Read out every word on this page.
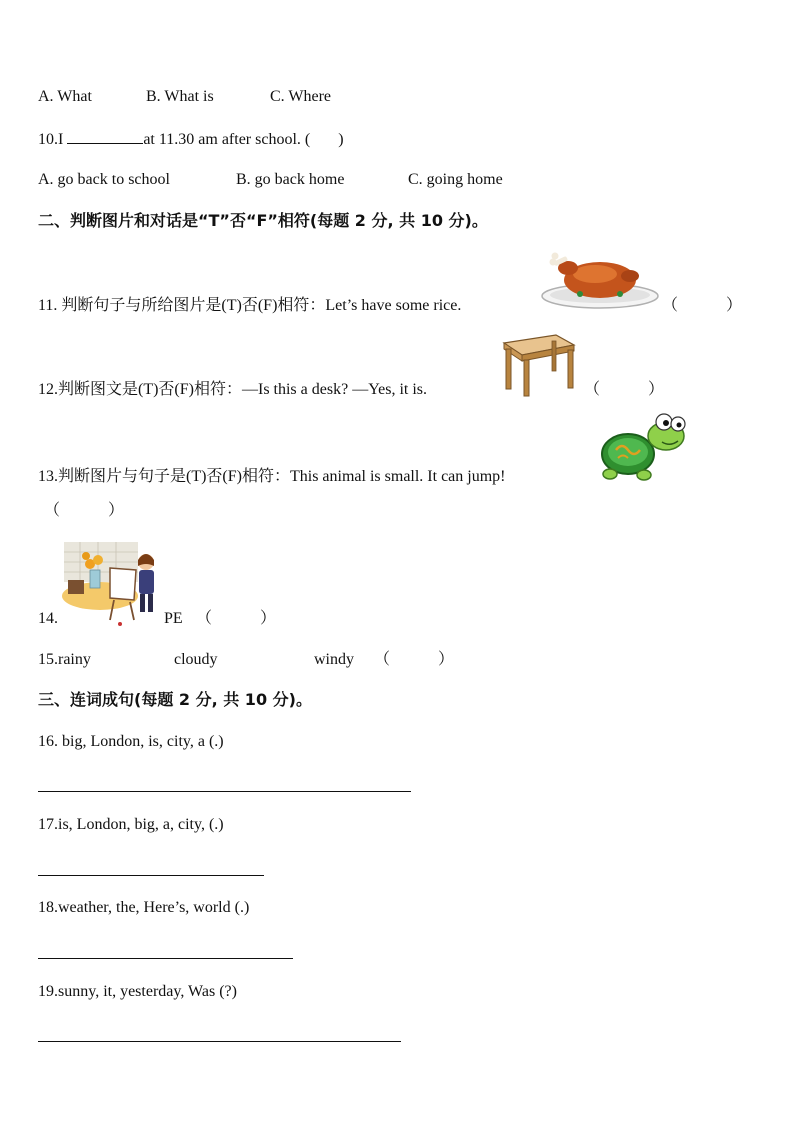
A. What	B. What is	C. Where
10.I	at 11.30 am after school. ( )
A. go back to school	B. go back home	C. going home
二、判断图片和对话是“T”否“F”相符(每题 2 分, 共 10 分)。
11. 判断句子与所给图片是(T)否(F)相符：Let’s have some rice.	（　　　）
12.判断图文是(T)否(F)相符：—Is this a desk? —Yes, it is.	（　　　）
13.判断图片与句子是(T)否(F)相符：This animal is small. It can jump!
（　　　）
14.	PE （　　　）
15.rainy	cloudy	windy （　　　）
三、连词成句(每题 2 分, 共 10 分)。
16. big, London, is, city, a (.)
17.is, London, big, a, city, (.)
18.weather, the, Here’s, world (.)
19.sunny, it, yesterday, Was (?)
